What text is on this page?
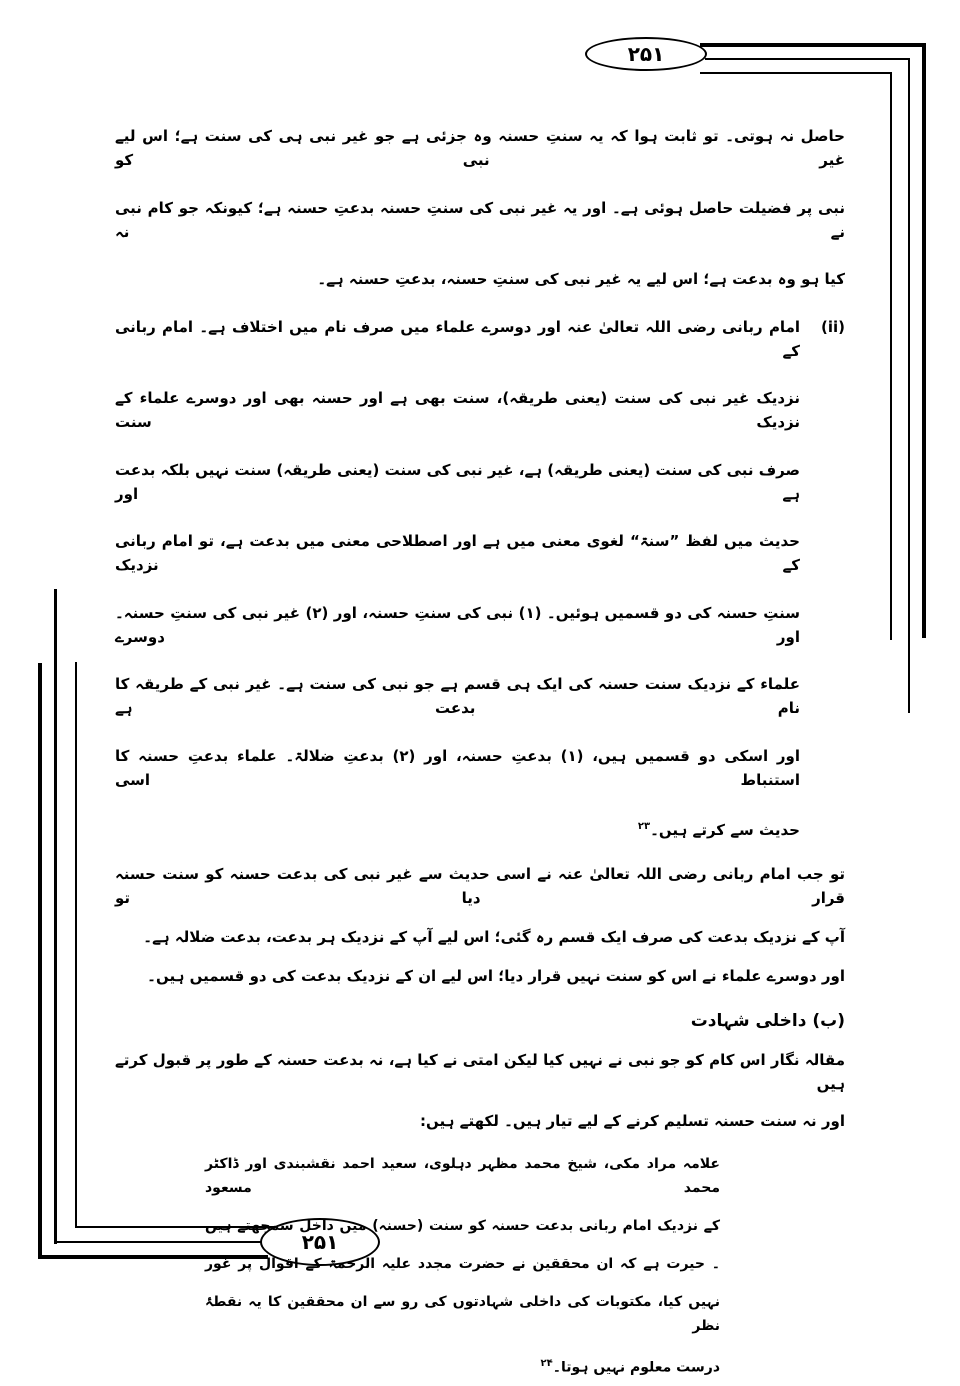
۲۵۱
۲۵۱
حاصل نہ ہوتی۔ تو ثابت ہوا کہ یہ سنتِ حسنہ وہ جزئی ہے جو غیر نبی ہی کی سنت ہے؛ اس لیے غیر نبی کو
نبی پر فضیلت حاصل ہوئی ہے۔ اور یہ غیر نبی کی سنتِ حسنہ بدعتِ حسنہ ہے؛ کیونکہ جو کام نبی نے نہ
کیا ہو وہ بدعت ہے؛ اس لیے یہ غیر نبی کی سنتِ حسنہ، بدعتِ حسنہ ہے۔
(ii)
امام ربانی رضی اللہ تعالیٰ عنہ اور دوسرے علماء میں صرف نام میں اختلاف ہے۔ امام ربانی کے
نزدیک غیر نبی کی سنت (یعنی طریقہ)، سنت بھی ہے اور حسنہ بھی اور دوسرے علماء کے نزدیک سنت
صرف نبی کی سنت (یعنی طریقہ) ہے، غیر نبی کی سنت (یعنی طریقہ) سنت نہیں بلکہ بدعت ہے اور
حدیث میں لفظ ”سنۃ“ لغوی معنی میں ہے اور اصطلاحی معنی میں بدعت ہے، تو امام ربانی کے نزدیک
سنتِ حسنہ کی دو قسمیں ہوئیں۔ (۱) نبی کی سنتِ حسنہ، اور (۲) غیر نبی کی سنتِ حسنہ۔ اور دوسرے
علماء کے نزدیک سنت حسنہ کی ایک ہی قسم ہے جو نبی کی سنت ہے۔ غیر نبی کے طریقہ کا نام بدعت ہے
اور اسکی دو قسمیں ہیں، (۱) بدعتِ حسنہ، اور (۲) بدعتِ ضلالۃ۔ علماء بدعتِ حسنہ کا استنباط اسی
حدیث سے کرتے ہیں۔$^{۲۳}$
تو جب امام ربانی رضی اللہ تعالیٰ عنہ نے اسی حدیث سے غیر نبی کی بدعت حسنہ کو سنت حسنہ قرار دیا تو
آپ کے نزدیک بدعت کی صرف ایک قسم رہ گئی؛ اس لیے آپ کے نزدیک ہر بدعت، بدعت ضلالہ ہے۔
اور دوسرے علماء نے اس کو سنت نہیں قرار دیا؛ اس لیے ان کے نزدیک بدعت کی دو قسمیں ہیں۔
(ب) داخلی شہادت
مقالہ نگار اس کام کو جو نبی نے نہیں کیا لیکن امتی نے کیا ہے، نہ بدعت حسنہ کے طور پر قبول کرتے ہیں
اور نہ سنت حسنہ تسلیم کرنے کے لیے تیار ہیں۔ لکھتے ہیں:
علامہ مراد مکی، شیخ محمد مظہر دہلوی، سعید احمد نقشبندی اور ڈاکٹر محمد مسعود
کے نزدیک امام ربانی بدعت حسنہ کو سنت (حسنہ) میں داخل سمجھتے ہیں
۔ حیرت ہے کہ ان محققین نے حضرت مجدد علیہ الرحمۃ کے اقوال پر غور
نہیں کیا، مکتوبات کی داخلی شہادتوں کی رو سے ان محققین کا یہ نقطۂ نظر
درست معلوم نہیں ہوتا۔$^{۲۴}$
